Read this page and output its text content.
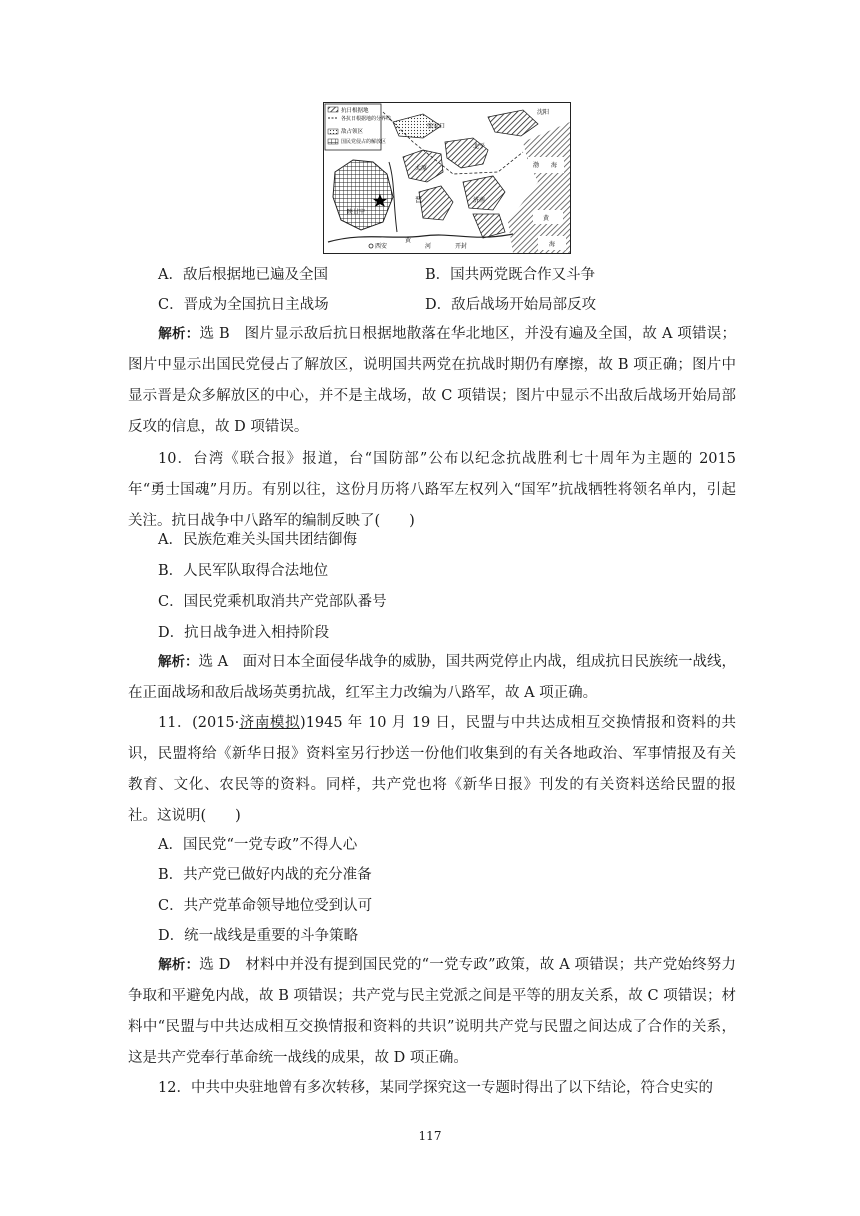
抗日根据地
各抗日根据地的分界线
敌占领区
国民党侵占的解放区
沈阳
张家口
北平
渤 海
太原
晋
陕甘宁
济南
黄
海
西安	开封
河
黄
A．敌后根据地已遍及全国	B．国共两党既合作又斗争
C．晋成为全国抗日主战场	D．敌后战场开始局部反攻
解析：选 B　图片显示敌后抗日根据地散落在华北地区，并没有遍及全国，故 A 项错误；图片中显示出国民党侵占了解放区，说明国共两党在抗战时期仍有摩擦，故 B 项正确；图片中显示晋是众多解放区的中心，并不是主战场，故 C 项错误；图片中显示不出敌后战场开始局部反攻的信息，故 D 项错误。
10．台湾《联合报》报道，台“国防部”公布以纪念抗战胜利七十周年为主题的 2015 年“勇士国魂”月历。有别以往，这份月历将八路军左权列入“国军”抗战牺牲将领名单内，引起关注。抗日战争中八路军的编制反映了(　　)
A．民族危难关头国共团结御侮
B．人民军队取得合法地位
C．国民党乘机取消共产党部队番号
D．抗日战争进入相持阶段
解析：选 A　面对日本全面侵华战争的威胁，国共两党停止内战，组成抗日民族统一战线，在正面战场和敌后战场英勇抗战，红军主力改编为八路军，故 A 项正确。
11．(2015·济南模拟)1945 年 10 月 19 日，民盟与中共达成相互交换情报和资料的共识，民盟将给《新华日报》资料室另行抄送一份他们收集到的有关各地政治、军事情报及有关教育、文化、农民等的资料。同样，共产党也将《新华日报》刊发的有关资料送给民盟的报社。这说明(　　)
A．国民党“一党专政”不得人心
B．共产党已做好内战的充分准备
C．共产党革命领导地位受到认可
D．统一战线是重要的斗争策略
解析：选 D　材料中并没有提到国民党的“一党专政”政策，故 A 项错误；共产党始终努力争取和平避免内战，故 B 项错误；共产党与民主党派之间是平等的朋友关系，故 C 项错误；材料中“民盟与中共达成相互交换情报和资料的共识”说明共产党与民盟之间达成了合作的关系，这是共产党奉行革命统一战线的成果，故 D 项正确。
12．中共中央驻地曾有多次转移，某同学探究这一专题时得出了以下结论，符合史实的
117
